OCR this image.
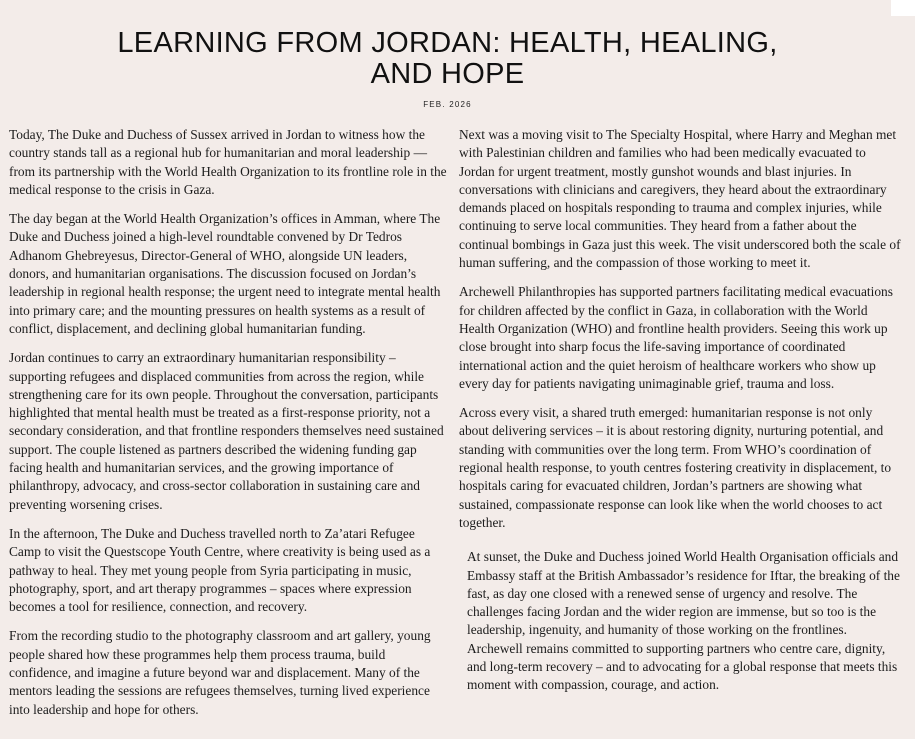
LEARNING FROM JORDAN: HEALTH, HEALING,
AND HOPE
FEB. 2026

Today, The Duke and Duchess of Sussex arrived in Jordan to witness how the country stands tall as a regional hub for humanitarian and moral leadership — from its partnership with the World Health Organization to its frontline role in the medical response to the crisis in Gaza.

The day began at the World Health Organization’s offices in Amman, where The Duke and Duchess joined a high-level roundtable convened by Dr Tedros Adhanom Ghebreyesus, Director-General of WHO, alongside UN leaders, donors, and humanitarian organisations. The discussion focused on Jordan’s leadership in regional health response; the urgent need to integrate mental health into primary care; and the mounting pressures on health systems as a result of conflict, displacement, and declining global humanitarian funding.

Jordan continues to carry an extraordinary humanitarian responsibility – supporting refugees and displaced communities from across the region, while strengthening care for its own people. Throughout the conversation, participants highlighted that mental health must be treated as a first-response priority, not a secondary consideration, and that frontline responders themselves need sustained support. The couple listened as partners described the widening funding gap facing health and humanitarian services, and the growing importance of philanthropy, advocacy, and cross-sector collaboration in sustaining care and preventing worsening crises.

In the afternoon, The Duke and Duchess travelled north to Za’atari Refugee Camp to visit the Questscope Youth Centre, where creativity is being used as a pathway to heal. They met young people from Syria participating in music, photography, sport, and art therapy programmes – spaces where expression becomes a tool for resilience, connection, and recovery.

From the recording studio to the photography classroom and art gallery, young people shared how these programmes help them process trauma, build confidence, and imagine a future beyond war and displacement. Many of the mentors leading the sessions are refugees themselves, turning lived experience into leadership and hope for others.

Next was a moving visit to The Specialty Hospital, where Harry and Meghan met with Palestinian children and families who had been medically evacuated to Jordan for urgent treatment, mostly gunshot wounds and blast injuries. In conversations with clinicians and caregivers, they heard about the extraordinary demands placed on hospitals responding to trauma and complex injuries, while continuing to serve local communities. They heard from a father about the continual bombings in Gaza just this week. The visit underscored both the scale of human suffering, and the compassion of those working to meet it.

Archewell Philanthropies has supported partners facilitating medical evacuations for children affected by the conflict in Gaza, in collaboration with the World Health Organization (WHO) and frontline health providers. Seeing this work up close brought into sharp focus the life-saving importance of coordinated international action and the quiet heroism of healthcare workers who show up every day for patients navigating unimaginable grief, trauma and loss.

Across every visit, a shared truth emerged: humanitarian response is not only about delivering services – it is about restoring dignity, nurturing potential, and standing with communities over the long term. From WHO’s coordination of regional health response, to youth centres fostering creativity in displacement, to hospitals caring for evacuated children, Jordan’s partners are showing what sustained, compassionate response can look like when the world chooses to act together.

At sunset, the Duke and Duchess joined World Health Organisation officials and Embassy staff at the British Ambassador’s residence for Iftar, the breaking of the fast, as day one closed with a renewed sense of urgency and resolve. The challenges facing Jordan and the wider region are immense, but so too is the leadership, ingenuity, and humanity of those working on the frontlines. Archewell remains committed to supporting partners who centre care, dignity, and long-term recovery – and to advocating for a global response that meets this moment with compassion, courage, and action.
